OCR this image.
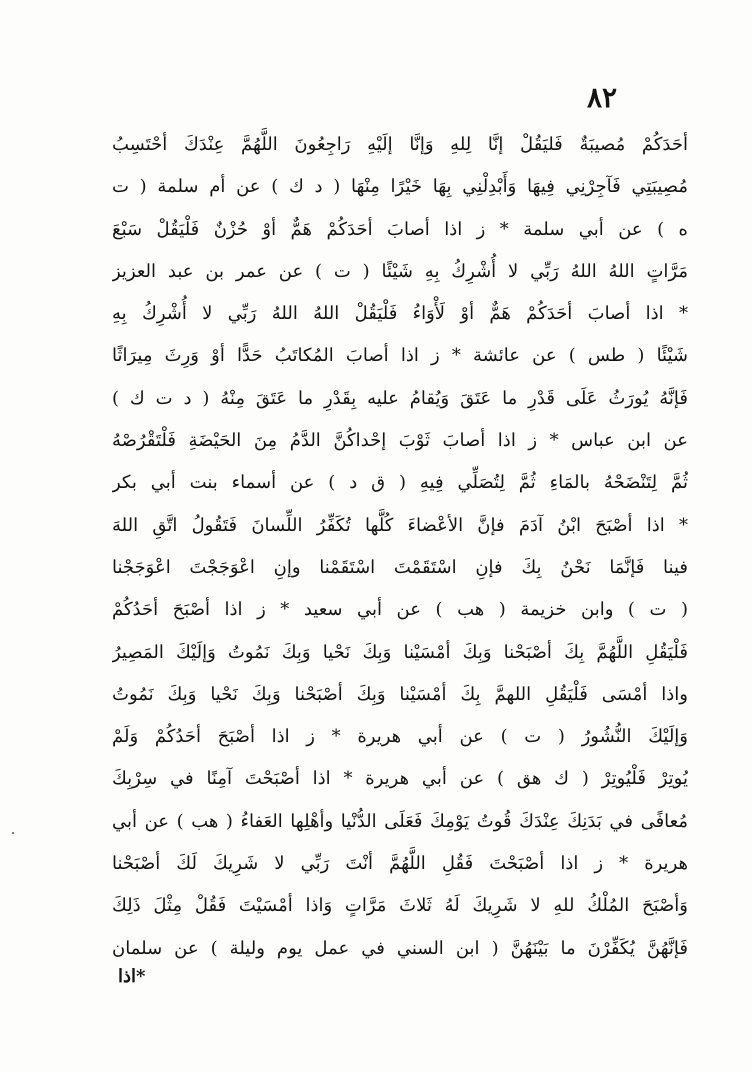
٨٢
أحَدَكُمْ مُصيبَةٌ فَليَقُلْ إنَّا لِلهِ وَإنَّا إلَيْهِ رَاجِعُونَ اللَّهُمَّ عِنْدَكَ أحْتَسِبُ
مُصِيبَتِي فَآجِرْنِي فِيهَا وَأَبْدِلْنِي بِهَا خَيْرًا مِنْهَا ( د ك ) عن أم سلمة ( ت
ه ) عن أبي سلمة * ز اذا أصابَ أحَدَكُمْ هَمٌّ أوْ حُزْنٌ فَلْيَقُلْ سَبْعَ
مَرَّاتٍ اللهُ اللهُ رَبِّي لا أُشْرِكُ بِهِ شَيْئًا ( ت ) عن عمر بن عبد العزيز
* اذا أصابَ أحَدَكُمْ هَمٌّ أوْ لَأْوَاءُ فَلْيَقُلْ اللهُ اللهُ رَبِّي لا أُشْرِكُ بِهِ
شَيْئًا ( طس ) عن عائشة * ز اذا أصابَ المُكاتَبُ حَدًّا أوْ وَرِثَ مِيرَاثًا
فَإنَّهُ يُورَثُ عَلَى قَدْرِ ما عَتَقَ وَيُقامُ عليه بِقَدْرِ ما عَتَقَ مِنْهُ ( د ت ك )
عن ابن عباس * ز اذا أصابَ ثَوْبَ إحْداكُنَّ الدَّمُ مِنَ الحَيْضَةِ فَلْتَقْرُصْهُ
ثُمَّ لِتَنْضَحْهُ بالمَاءِ ثُمَّ لِتُصَلِّي فِيهِ ( ق د ) عن أسماء بنت أبي بكر
* اذا أصْبَحَ ابْنُ آدَمَ فإنَّ الأعْضاءَ كُلَّها تُكَفِّرُ اللِّسانَ فَتَقُولُ اتَّقِ اللهَ
فينا فَإنَّمَا نَحْنُ بِكَ فإنِ اسْتَقَمْتَ اسْتَقَمْنا وإنِ اعْوَجَجْتَ اعْوَجَجْنا
( ت ) وابن خزيمة ( هب ) عن أبي سعيد * ز اذا أصْبَحَ أحَدُكُمْ
فَلْيَقُلِ اللَّهُمَّ بِكَ أصْبَحْنا وَبِكَ أمْسَيْنا وَبِكَ نَحْيا وَبِكَ نَمُوتُ وَإلَيْكَ المَصِيرُ
واذا أمْسَى فَلْيَقُلِ اللهمَّ بِكَ أمْسَيْنا وَبِكَ أصْبَحْنا وَبِكَ نَحْيا وَبِكَ نَمُوتُ
وَإلَيْكَ النُّشُورُ ( ت ) عن أبي هريرة * ز اذا أصْبَحَ أحَدُكُمْ وَلَمْ
يُوتِرْ فَلْيُوتِرْ ( ك هق ) عن أبي هريرة * اذا أصْبَحْتَ آمِنًا في سِرْبِكَ
مُعافًى في بَدَنِكَ عِنْدَكَ قُوتُ يَوْمِكَ فَعَلَى الدُّنْيا وأهْلِها العَفاءُ ( هب ) عن أبي
هريرة * ز اذا أصْبَحْتَ فَقُلِ اللَّهُمَّ أنْتَ رَبِّي لا شَرِيكَ لَكَ أصْبَحْنا
وَأصْبَحَ المُلْكُ للهِ لا شَرِيكَ لَهُ ثَلاثَ مَرَّاتٍ وَاذا أمْسَيْتَ فَقُلْ مِثْلَ ذَلِكَ
فَإنَّهُنَّ يُكَفِّرْنَ ما بَيْنَهُنَّ ( ابن السني في عمل يوم وليلة ) عن سلمان
*اذا
